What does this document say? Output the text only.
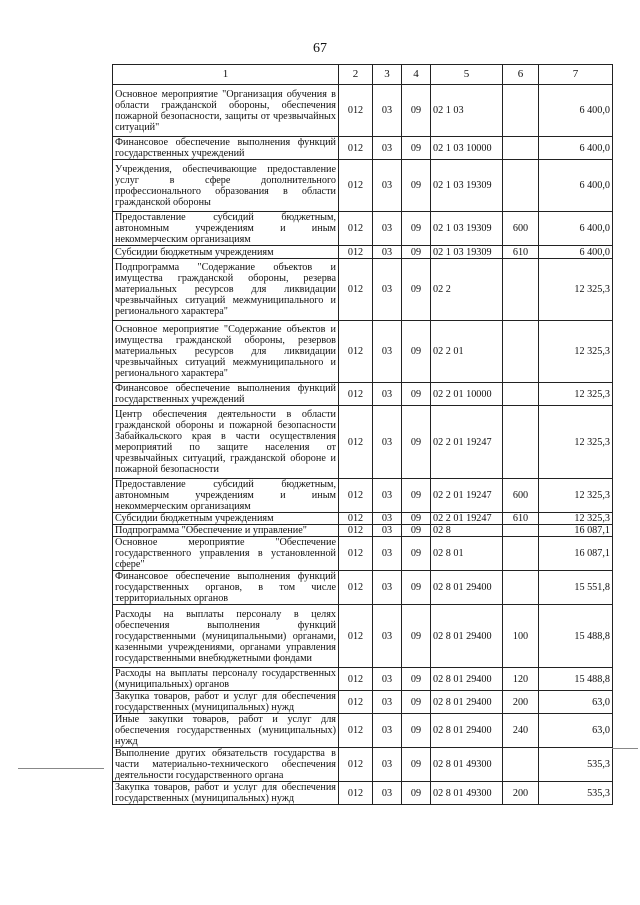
67
1	2	3	4	5	6	7
Основное мероприятие "Организация обучения в области гражданской обороны, обеспечения пожарной безопасности, защиты от чрезвычайных ситуаций"	012	03	09	02 1 03		6 400,0
Финансовое обеспечение выполнения функций государственных учреждений	012	03	09	02 1 03 10000		6 400,0
Учреждения, обеспечивающие предоставление услуг в сфере дополнительного профессионального образования в области гражданской обороны	012	03	09	02 1 03 19309		6 400,0
Предоставление субсидий бюджетным, автономным учреждениям и иным некоммерческим организациям	012	03	09	02 1 03 19309	600	6 400,0
Субсидии бюджетным учреждениям	012	03	09	02 1 03 19309	610	6 400,0
Подпрограмма "Содержание объектов и имущества гражданской обороны, резерва материальных ресурсов для ликвидации чрезвычайных ситуаций межмуниципального и регионального характера"	012	03	09	02 2		12 325,3
Основное мероприятие "Содержание объектов и имущества гражданской обороны, резервов материальных ресурсов для ликвидации чрезвычайных ситуаций межмуниципального и регионального характера"	012	03	09	02 2 01		12 325,3
Финансовое обеспечение выполнения функций государственных учреждений	012	03	09	02 2 01 10000		12 325,3
Центр обеспечения деятельности в области гражданской обороны и пожарной безопасности Забайкальского края в части осуществления мероприятий по защите населения от чрезвычайных ситуаций, гражданской обороне и пожарной безопасности	012	03	09	02 2 01 19247		12 325,3
Предоставление субсидий бюджетным, автономным учреждениям и иным некоммерческим организациям	012	03	09	02 2 01 19247	600	12 325,3
Субсидии бюджетным учреждениям	012	03	09	02 2 01 19247	610	12 325,3
Подпрограмма "Обеспечение и управление"	012	03	09	02 8		16 087,1
Основное мероприятие "Обеспечение государственного управления в установленной сфере"	012	03	09	02 8 01		16 087,1
Финансовое обеспечение выполнения функций государственных органов, в том числе территориальных органов	012	03	09	02 8 01 29400		15 551,8
Расходы на выплаты персоналу в целях обеспечения выполнения функций государственными (муниципальными) органами, казенными учреждениями, органами управления государственными внебюджетными фондами	012	03	09	02 8 01 29400	100	15 488,8
Расходы на выплаты персоналу государственных (муниципальных) органов	012	03	09	02 8 01 29400	120	15 488,8
Закупка товаров, работ и услуг для обеспечения государственных (муниципальных) нужд	012	03	09	02 8 01 29400	200	63,0
Иные закупки товаров, работ и услуг для обеспечения государственных (муниципальных) нужд	012	03	09	02 8 01 29400	240	63,0
Выполнение других обязательств государства в части материально-технического обеспечения деятельности государственного органа	012	03	09	02 8 01 49300		535,3
Закупка товаров, работ и услуг для обеспечения государственных (муниципальных) нужд	012	03	09	02 8 01 49300	200	535,3
